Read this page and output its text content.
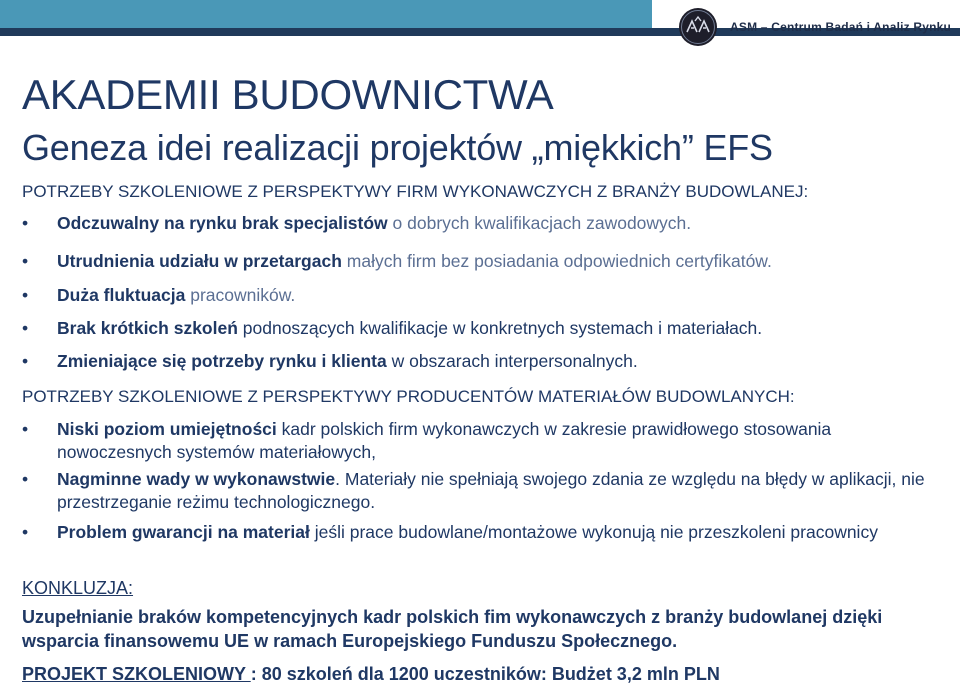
ASM – Centrum Badań i Analiz Rynku
AKADEMII BUDOWNICTWA
Geneza idei realizacji projektów „miękkich” EFS
POTRZEBY SZKOLENIOWE Z PERSPEKTYWY FIRM WYKONAWCZYCH Z BRANŻY BUDOWLANEJ:
•	Odczuwalny na rynku brak specjalistów o dobrych kwalifikacjach zawodowych.
•	Utrudnienia udziału w przetargach małych firm bez posiadania odpowiednich certyfikatów.
•	Duża fluktuacja pracowników.
•	Brak krótkich szkoleń podnoszących kwalifikacje w konkretnych systemach i materiałach.
•	Zmieniające się potrzeby rynku i klienta w obszarach interpersonalnych.
POTRZEBY SZKOLENIOWE Z PERSPEKTYWY PRODUCENTÓW MATERIAŁÓW BUDOWLANYCH:
•	Niski poziom umiejętności kadr polskich firm wykonawczych w zakresie prawidłowego stosowania nowoczesnych systemów materiałowych,
•	Nagminne wady w wykonawstwie. Materiały nie spełniają swojego zdania ze względu na błędy w aplikacji, nie przestrzeganie reżimu technologicznego.
•	Problem gwarancji na materiał jeśli prace budowlane/montażowe wykonują nie przeszkoleni pracownicy
KONKLUZJA:
Uzupełnianie braków kompetencyjnych kadr polskich fim wykonawczych z branży budowlanej dzięki wsparcia finansowemu UE w ramach Europejskiego Funduszu Społecznego.
PROJEKT SZKOLENIOWY : 80 szkoleń dla 1200 uczestników: Budżet 3,2 mln PLN
